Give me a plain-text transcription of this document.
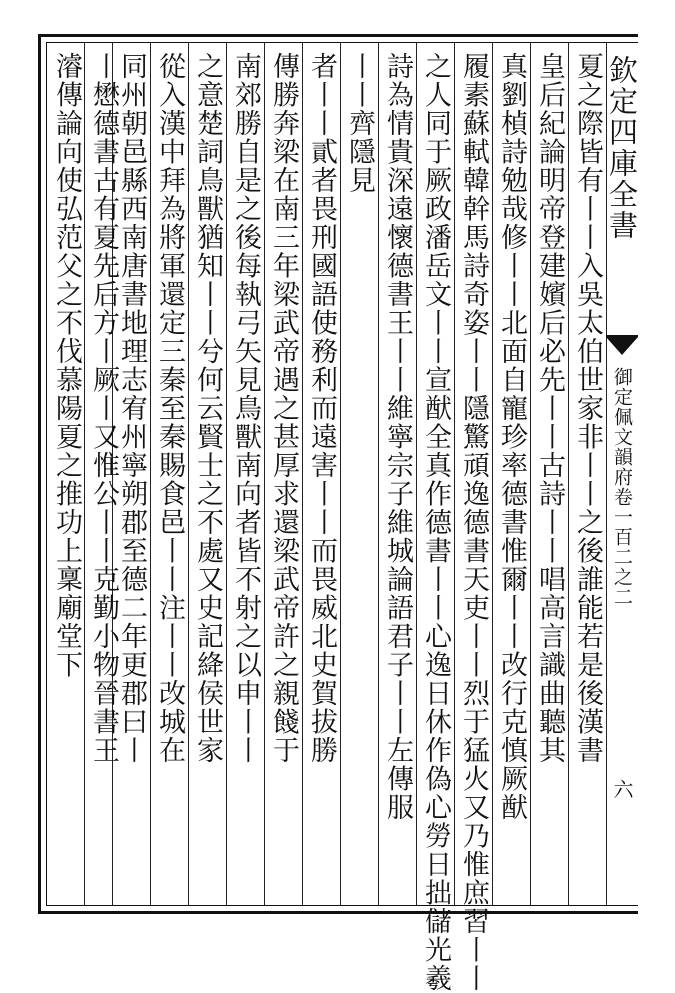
欽定四庫全書
御定佩文韻府卷一百二之二
六
夏之際皆有丨丨入吳太伯世家非丨丨之後誰能若是後漢書
皇后紀論明帝登建嬪后必先丨丨古詩丨丨唱高言識曲聽其
真劉楨詩勉哉修丨丨北面自寵珍率德書惟爾丨丨改行克慎厥猷
履素蘇軾韓幹馬詩奇姿丨丨隱驚頑逸德書天吏丨丨烈于猛火又乃惟庶習丨丨
之人同于厥政潘岳文丨丨宣猷全真作德書丨丨心逸日休作偽心勞日拙儲光羲
詩為情貴深遠懷德書王丨丨維寧宗子維城論語君子丨丨左傳服
丨丨齊隱見
者丨丨貳者畏刑國語使務利而遠害丨丨而畏威北史賀拔勝
傳勝奔梁在南三年梁武帝遇之甚厚求還梁武帝許之親餞于
南郊勝自是之後每執弓矢見鳥獸南向者皆不射之以申丨丨
之意楚詞鳥獸猶知丨丨兮何云賢士之不處又史記絳侯世家
從入漢中拜為將軍還定三秦至秦賜食邑丨丨注丨丨改城在
同州朝邑縣西南唐書地理志宥州寧朔郡至德二年更郡曰丨
丨懋德書古有夏先后方丨厥丨又惟公丨丨克勤小物晉書王
濬傳論向使弘范父之不伐慕陽夏之推功上稟廟堂下
